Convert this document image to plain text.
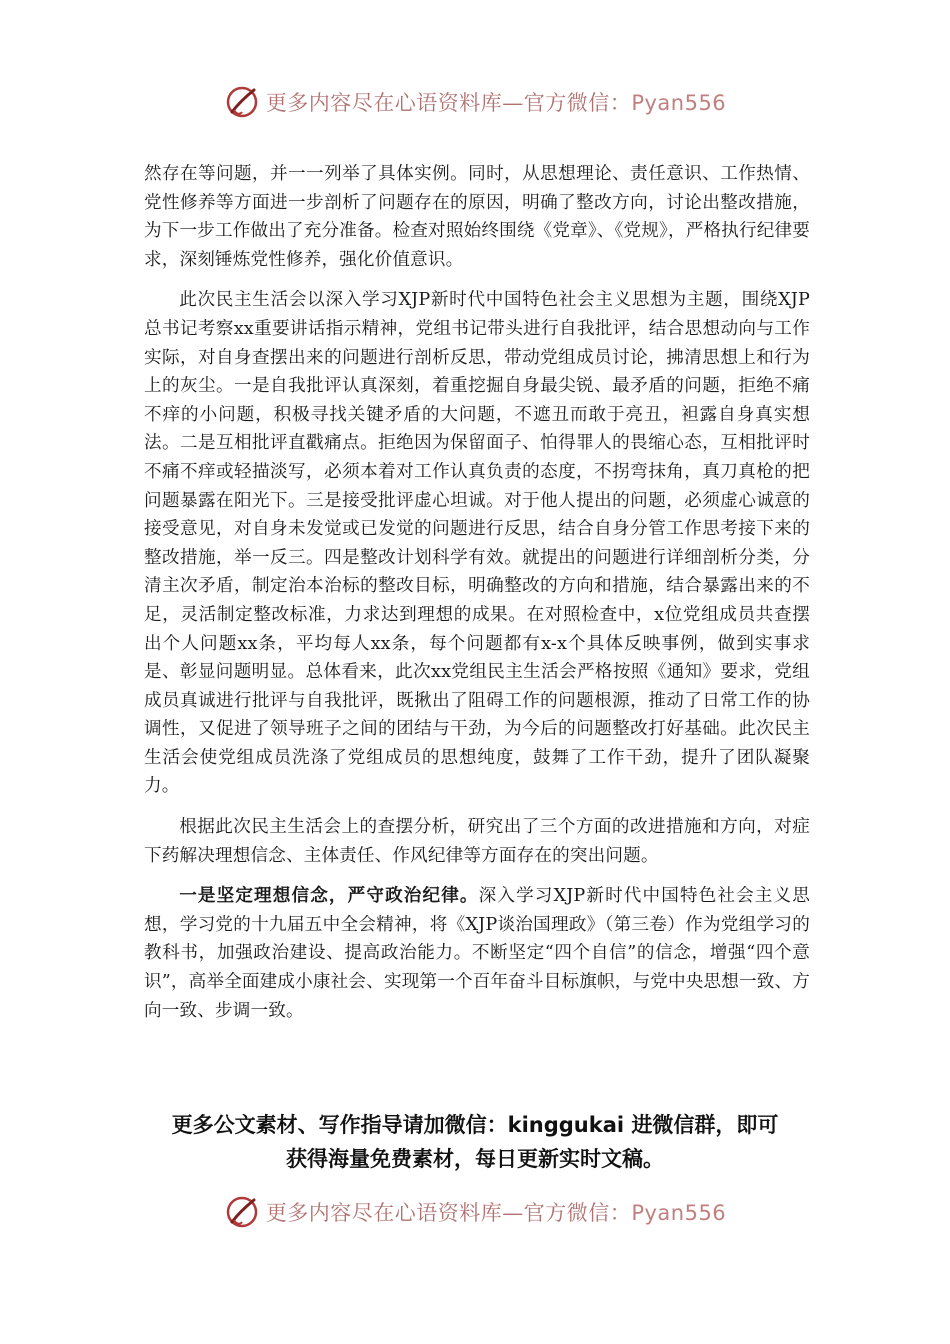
更多内容尽在心语资料库—官方微信：Pyan556

然存在等问题，并一一列举了具体实例。同时，从思想理论、责任意识、工作热情、党性修养等方面进一步剖析了问题存在的原因，明确了整改方向，讨论出整改措施，为下一步工作做出了充分准备。检查对照始终围绕《党章》、《党规》，严格执行纪律要求，深刻锤炼党性修养，强化价值意识。

此次民主生活会以深入学习XJP新时代中国特色社会主义思想为主题，围绕XJP总书记考察xx重要讲话指示精神，党组书记带头进行自我批评，结合思想动向与工作实际，对自身查摆出来的问题进行剖析反思，带动党组成员讨论，拂清思想上和行为上的灰尘。一是自我批评认真深刻，着重挖掘自身最尖锐、最矛盾的问题，拒绝不痛不痒的小问题，积极寻找关键矛盾的大问题，不遮丑而敢于亮丑，袒露自身真实想法。二是互相批评直戳痛点。拒绝因为保留面子、怕得罪人的畏缩心态，互相批评时不痛不痒或轻描淡写，必须本着对工作认真负责的态度，不拐弯抹角，真刀真枪的把问题暴露在阳光下。三是接受批评虚心坦诚。对于他人提出的问题，必须虚心诚意的接受意见，对自身未发觉或已发觉的问题进行反思，结合自身分管工作思考接下来的整改措施，举一反三。四是整改计划科学有效。就提出的问题进行详细剖析分类，分清主次矛盾，制定治本治标的整改目标，明确整改的方向和措施，结合暴露出来的不足，灵活制定整改标准，力求达到理想的成果。在对照检查中，x位党组成员共查摆出个人问题xx条，平均每人xx条，每个问题都有x-x个具体反映事例，做到实事求是、彰显问题明显。总体看来，此次xx党组民主生活会严格按照《通知》要求，党组成员真诚进行批评与自我批评，既揪出了阻碍工作的问题根源，推动了日常工作的协调性，又促进了领导班子之间的团结与干劲，为今后的问题整改打好基础。此次民主生活会使党组成员洗涤了党组成员的思想纯度，鼓舞了工作干劲，提升了团队凝聚力。

根据此次民主生活会上的查摆分析，研究出了三个方面的改进措施和方向，对症下药解决理想信念、主体责任、作风纪律等方面存在的突出问题。

一是坚定理想信念，严守政治纪律。深入学习XJP新时代中国特色社会主义思想，学习党的十九届五中全会精神，将《XJP谈治国理政》（第三卷）作为党组学习的教科书，加强政治建设、提高政治能力。不断坚定“四个自信”的信念，增强“四个意识”，高举全面建成小康社会、实现第一个百年奋斗目标旗帜，与党中央思想一致、方向一致、步调一致。

更多公文素材、写作指导请加微信：kinggukai 进微信群，即可
获得海量免费素材，每日更新实时文稿。
更多内容尽在心语资料库—官方微信：Pyan556
